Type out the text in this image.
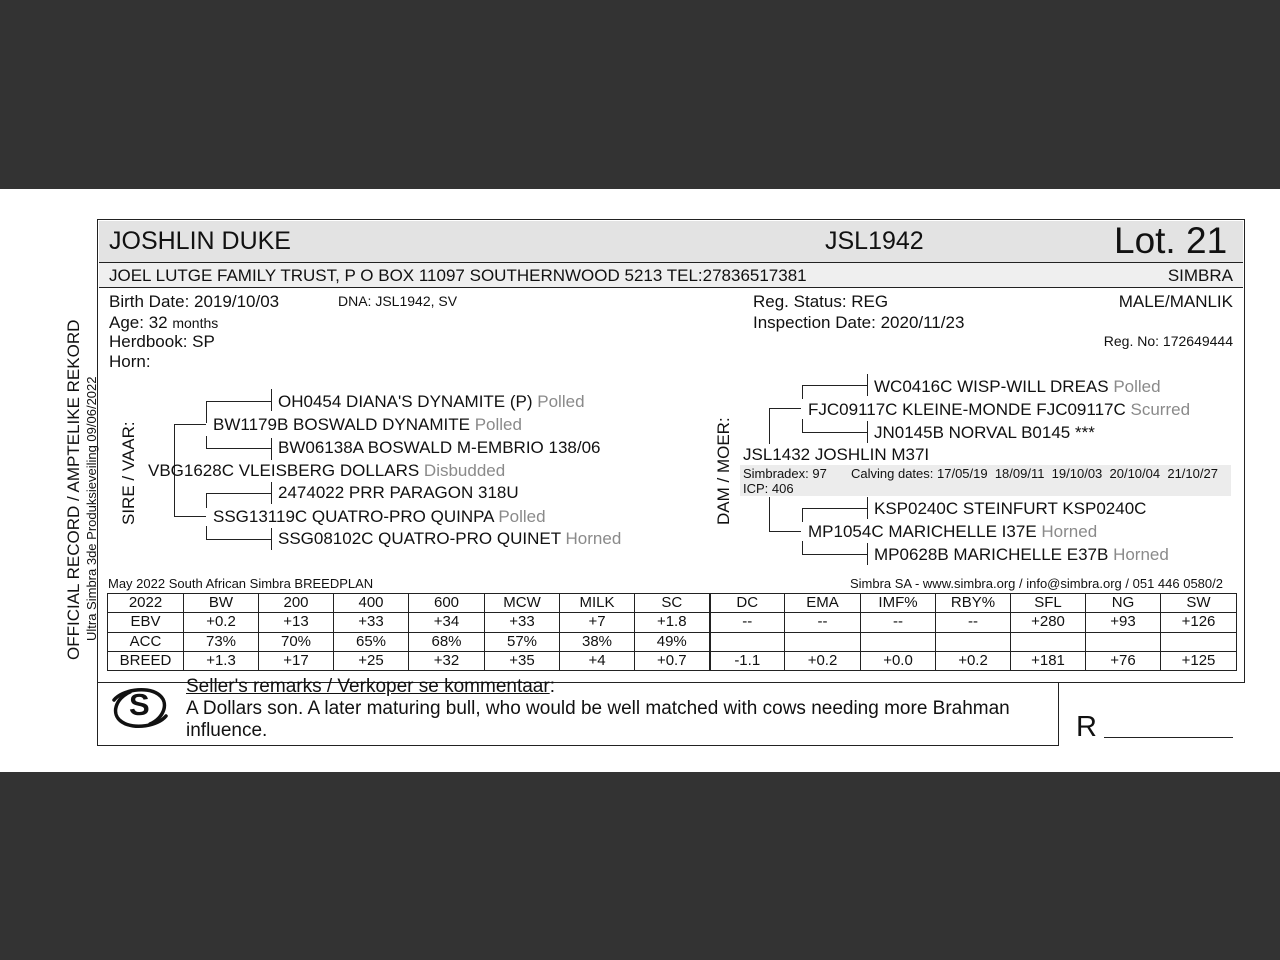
JOSHLIN DUKE	JSL1942	Lot. 21
JOEL LUTGE FAMILY TRUST, P O BOX 11097 SOUTHERNWOOD 5213 TEL:27836517381	SIMBRA
Birth Date: 2019/10/03	DNA: JSL1942, SV
Age: 32 months
Herdbook: SP
Horn:
Reg. Status: REG
Inspection Date: 2020/11/23
MALE/MANLIK
Reg. No: 172649444
OFFICIAL RECORD / AMPTELIKE REKORD Ultra Simbra 3de Produksieveiling 09/06/2022 SIRE / VAAR:	DAM / MOER:
OH0454 DIANA'S DYNAMITE (P) Polled
BW1179B BOSWALD DYNAMITE Polled
BW06138A BOSWALD M-EMBRIO 138/06
VBG1628C VLEISBERG DOLLARS Disbudded
2474022 PRR PARAGON 318U
SSG13119C QUATRO-PRO QUINPA Polled
SSG08102C QUATRO-PRO QUINET Horned
WC0416C WISP-WILL DREAS Polled
FJC09117C KLEINE-MONDE FJC09117C Scurred
JN0145B NORVAL B0145 ***
JSL1432 JOSHLIN M37I
Simbradex: 97 Calving dates: 17/05/19  18/09/11  19/10/03  20/10/04  21/10/27
ICP: 406
KSP0240C STEINFURT KSP0240C
MP1054C MARICHELLE I37E Horned
MP0628B MARICHELLE E37B Horned
May 2022 South African Simbra BREEDPLAN	Simbra SA - www.simbra.org / info@simbra.org / 051 446 0580/2
2022	BW	200	400	600	MCW	MILK	SC	DC	EMA	IMF%	RBY%	SFL	NG	SW
EBV	+0.2	+13	+33	+34	+33	+7	+1.8	--	--	--	--	+280	+93	+126
ACC	73%	70%	65%	68%	57%	38%	49%							
BREED	+1.3	+17	+25	+32	+35	+4	+0.7	-1.1	+0.2	+0.0	+0.2	+181	+76	+125
S
Seller's remarks / Verkoper se kommentaar:
A Dollars son. A later maturing bull, who would be well matched with cows needing more Brahman
influence.	R
